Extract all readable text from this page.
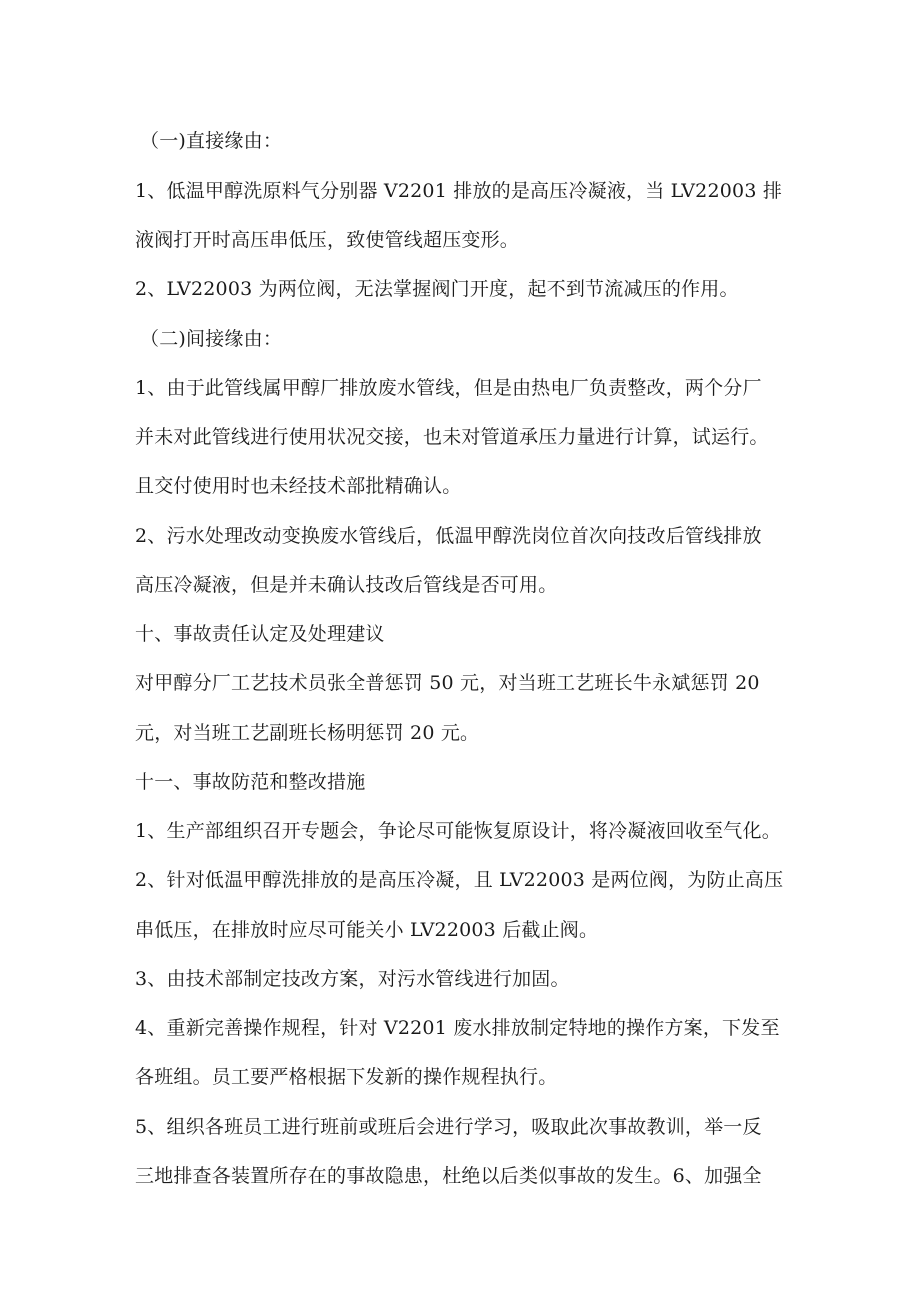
（一)直接缘由：

1、低温甲醇洗原料气分别器 V2201 排放的是高压冷凝液，当 LV22003 排

液阀打开时高压串低压，致使管线超压变形。

2、LV22003 为两位阀，无法掌握阀门开度，起不到节流减压的作用。

（二)间接缘由：

1、由于此管线属甲醇厂排放废水管线，但是由热电厂负责整改，两个分厂

并未对此管线进行使用状况交接，也未对管道承压力量进行计算，试运行。

且交付使用时也未经技术部批精确认。

2、污水处理改动变换废水管线后，低温甲醇洗岗位首次向技改后管线排放

高压冷凝液，但是并未确认技改后管线是否可用。

十、事故责任认定及处理建议

对甲醇分厂工艺技术员张全普惩罚 50 元，对当班工艺班长牛永斌惩罚 20

元，对当班工艺副班长杨明惩罚 20 元。

十一、事故防范和整改措施

1、生产部组织召开专题会，争论尽可能恢复原设计，将冷凝液回收至气化。

2、针对低温甲醇洗排放的是高压冷凝，且 LV22003 是两位阀，为防止高压

串低压，在排放时应尽可能关小 LV22003 后截止阀。

3、由技术部制定技改方案，对污水管线进行加固。

4、重新完善操作规程，针对 V2201 废水排放制定特地的操作方案，下发至

各班组。员工要严格根据下发新的操作规程执行。

5、组织各班员工进行班前或班后会进行学习，吸取此次事故教训，举一反

三地排查各装置所存在的事故隐患，杜绝以后类似事故的发生。6、加强全
